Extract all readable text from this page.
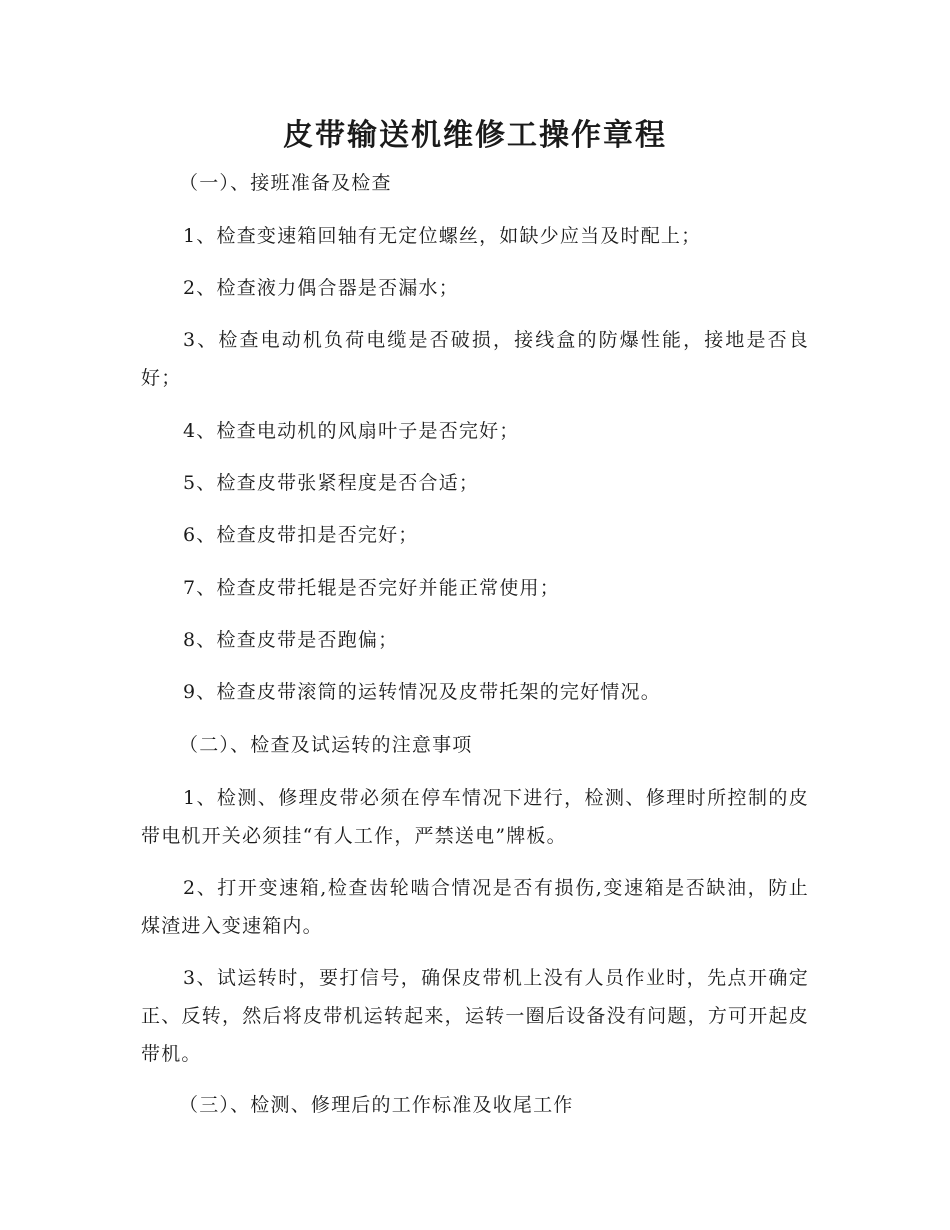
皮带输送机维修工操作章程

（一）、接班准备及检查

1、检查变速箱回轴有无定位螺丝，如缺少应当及时配上；

2、检查液力偶合器是否漏水；

3、检查电动机负荷电缆是否破损，接线盒的防爆性能，接地是否良好；

4、检查电动机的风扇叶子是否完好；

5、检查皮带张紧程度是否合适；

6、检查皮带扣是否完好；

7、检查皮带托辊是否完好并能正常使用；

8、检查皮带是否跑偏；

9、检查皮带滚筒的运转情况及皮带托架的完好情况。

（二）、检查及试运转的注意事项

1、检测、修理皮带必须在停车情况下进行，检测、修理时所控制的皮带电机开关必须挂“有人工作，严禁送电”牌板。

2、打开变速箱,检查齿轮啮合情况是否有损伤,变速箱是否缺油，防止煤渣进入变速箱内。

3、试运转时，要打信号，确保皮带机上没有人员作业时，先点开确定正、反转，然后将皮带机运转起来，运转一圈后设备没有问题，方可开起皮带机。

（三）、检测、修理后的工作标准及收尾工作
